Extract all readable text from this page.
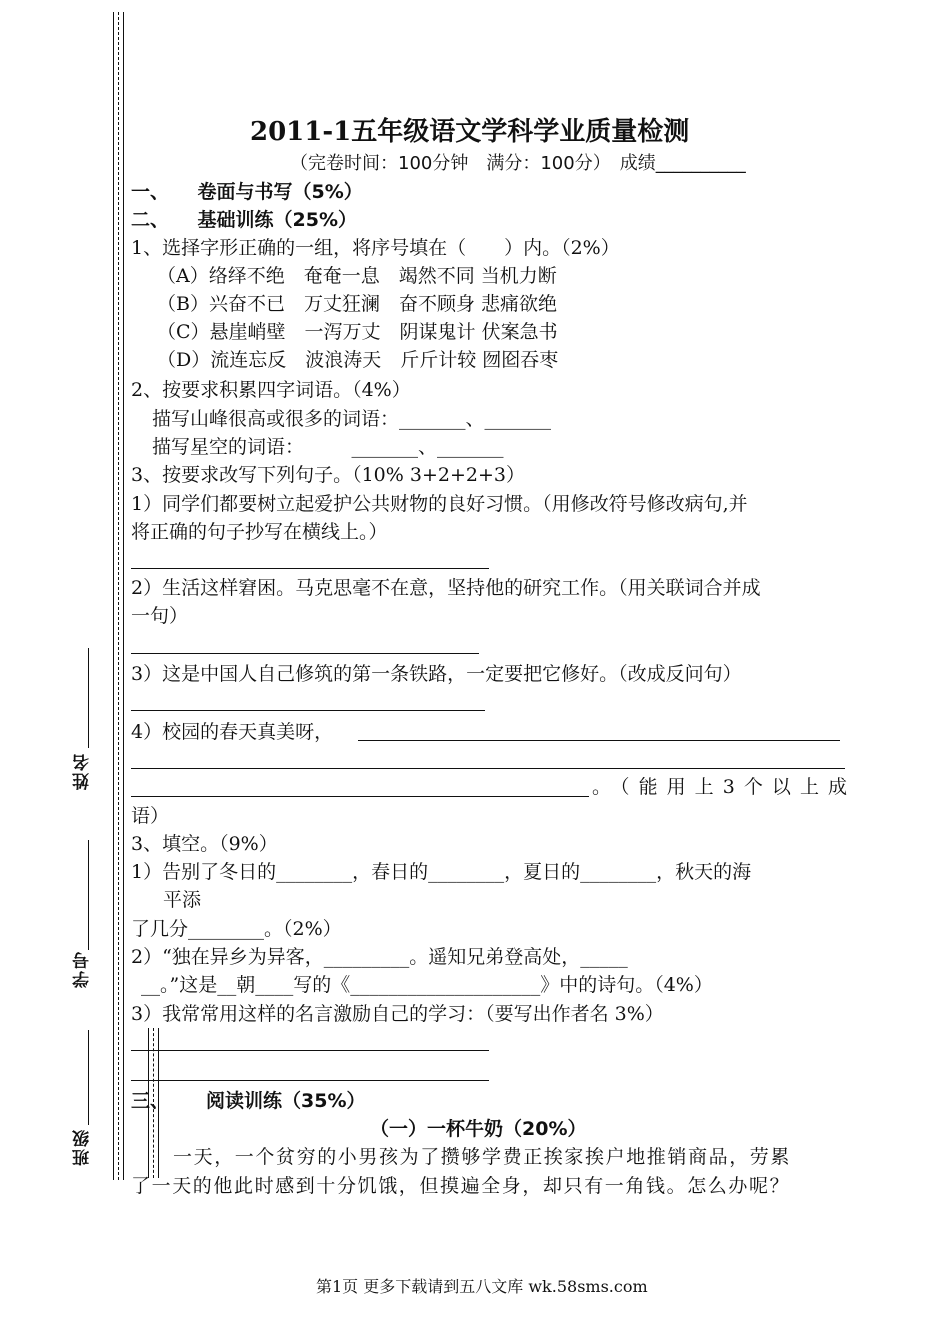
姓名
学号
班级
2011-1五年级语文学科学业质量检测
（完卷时间：100分钟　满分：100分）　成绩__________
一、　　卷面与书写（5%）
二、　　基础训练（25%）
1、选择字形正确的一组，将序号填在（　　）内。（2%）
（A）络绎不绝　奄奄一息　竭然不同 当机力断
（B）兴奋不已　万丈狂澜　奋不顾身 悲痛欲绝
（C）悬崖峭壁　一泻万丈　阴谋鬼计 伏案急书
（D）流连忘反　波浪涛天　斤斤计较 囫囵吞枣
2、按要求积累四字词语。（4%）
描写山峰很高或很多的词语：_______、_______
描写星空的词语：　　　_______、_______
3、按要求改写下列句子。（10% 3+2+2+3）
1）同学们都要树立起爱护公共财物的良好习惯。（用修改符号修改病句,并
将正确的句子抄写在横线上。）
2）生活这样窘困。马克思毫不在意，坚持他的研究工作。（用关联词合并成
一句）
3）这是中国人自己修筑的第一条铁路，一定要把它修好。（改成反问句）
4）校园的春天真美呀，
。（能用上3个以上成
语）
3、填空。（9%）
1）告别了冬日的________，春日的________，夏日的________，秋天的海
平添
了几分________。（2%）
2）“独在异乡为异客，_________。遥知兄弟登高处，_____
__。”这是__朝____写的《____________________》中的诗句。（4%）
3）我常常用这样的名言激励自己的学习：（要写出作者名 3%）
三、 阅读训练（35%）
（一）一杯牛奶（20%）
一天，一个贫穷的小男孩为了攒够学费正挨家挨户地推销商品，劳累
了一天的他此时感到十分饥饿，但摸遍全身，却只有一角钱。怎么办呢？
第1页 更多下载请到五八文库 wk.58sms.com
